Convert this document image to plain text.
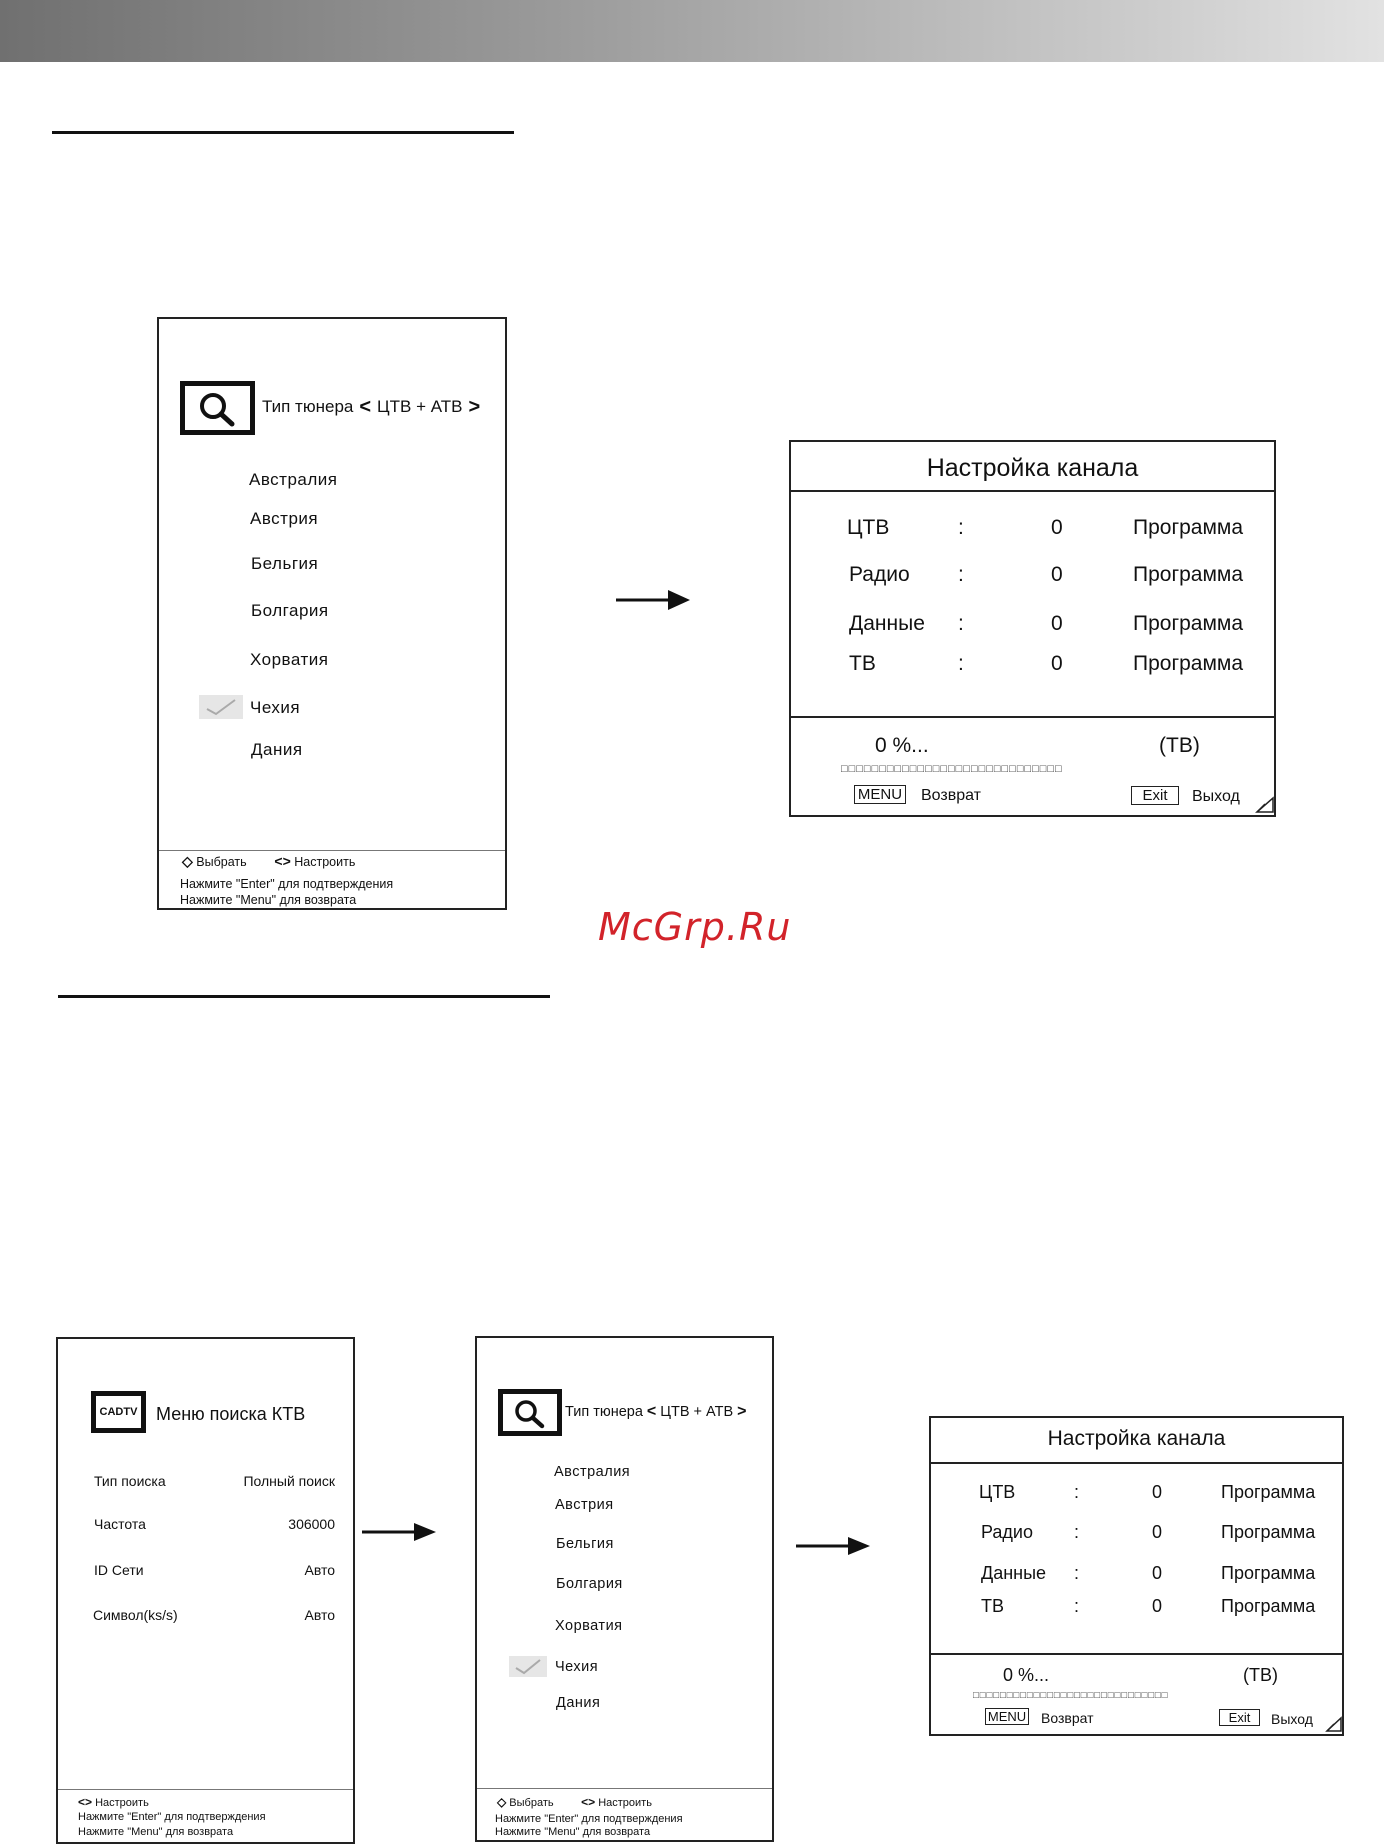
Тип тюнера < ЦТВ + АТВ >
Австралия
Австрия
Бельгия
Болгария
Хорватия
Чехия
Дания
◇ Выбрать <> Настроить
Нажмите "Enter" для подтверждения
Нажмите "Menu" для возврата
Настройка канала
ЦТВ	:	0	Программа
Радио :	0	Программа
Данные :	0	Программа
ТВ	:	0	Программа
0 %...	(ТВ)
□□□□□□□□□□□□□□□□□□□□□□□□□□□□□
MENU Возврат	Exit	Выход
McGrp.Ru
CADTV	Меню поиска КТВ
Тип поиска	Полный поиск
Частота	306000
ID Сети	Авто
Символ(ks/s)	Авто
<> Настроить
Нажмите "Enter" для подтверждения
Нажмите "Menu" для возврата
Тип тюнера < ЦТВ + АТВ >
Австралия
Австрия
Бельгия
Болгария
Хорватия
Чехия
Дания
◇ Выбрать <> Настроить
Нажмите "Enter" для подтверждения
Нажмите "Menu" для возврата
Настройка канала
ЦТВ	:	0	Программа
Радио :	0	Программа
Данные :	0	Программа
ТВ	:	0	Программа
0 %...	(ТВ)
□□□□□□□□□□□□□□□□□□□□□□□□□□□□□
MENU Возврат	Exit	Выход
